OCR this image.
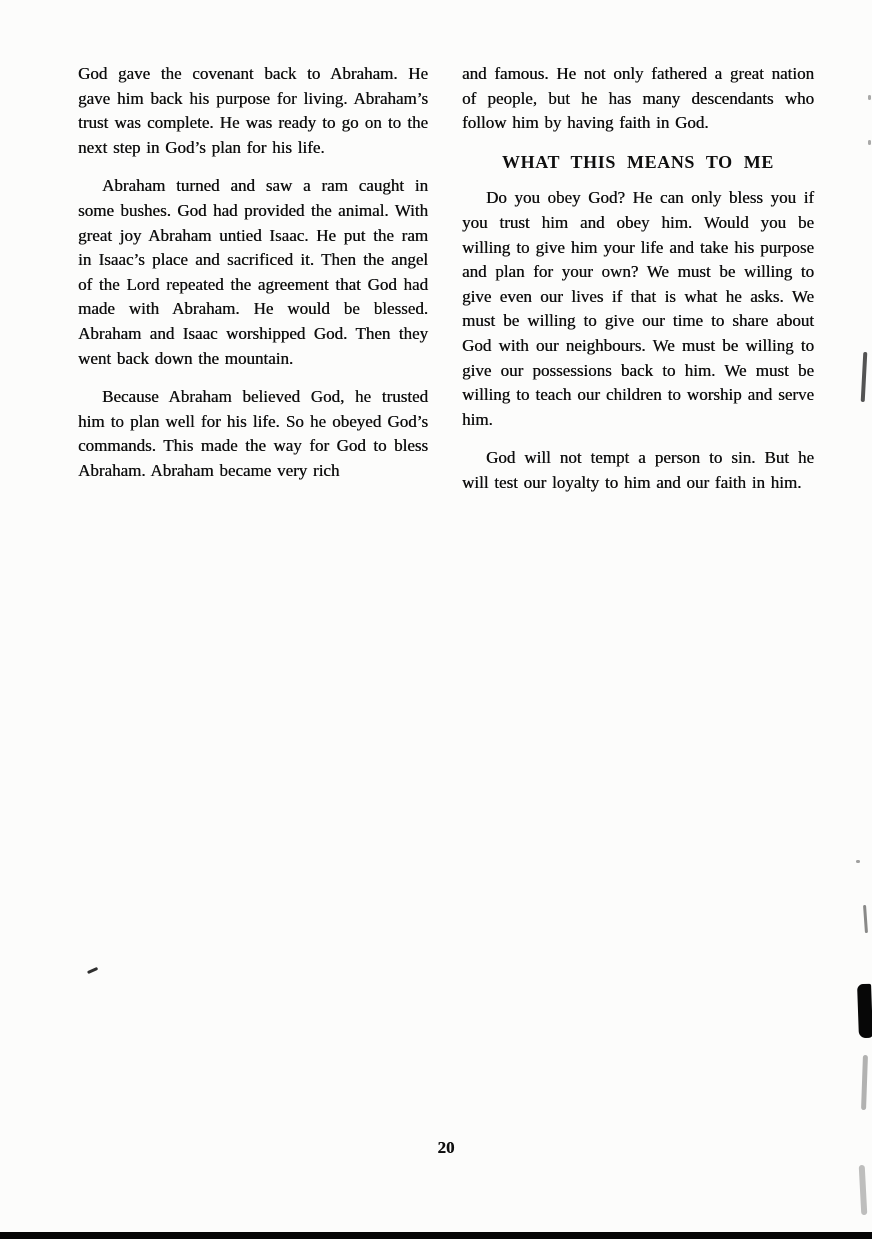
God gave the covenant back to Abraham. He gave him back his purpose for living. Abraham’s trust was complete. He was ready to go on to the next step in God’s plan for his life.

Abraham turned and saw a ram caught in some bushes. God had provided the animal. With great joy Abraham untied Isaac. He put the ram in Isaac’s place and sacrificed it. Then the angel of the Lord repeated the agreement that God had made with Abraham. He would be blessed. Abraham and Isaac worshipped God. Then they went back down the mountain.

Because Abraham believed God, he trusted him to plan well for his life. So he obeyed God’s commands. This made the way for God to bless Abraham. Abraham became very rich

and famous. He not only fathered a great nation of people, but he has many descendants who follow him by having faith in God.

WHAT THIS MEANS TO ME

Do you obey God? He can only bless you if you trust him and obey him. Would you be willing to give him your life and take his purpose and plan for your own? We must be willing to give even our lives if that is what he asks. We must be willing to give our time to share about God with our neighbours. We must be willing to give our possessions back to him. We must be willing to teach our children to worship and serve him.

God will not tempt a person to sin. But he will test our loyalty to him and our faith in him.

20
